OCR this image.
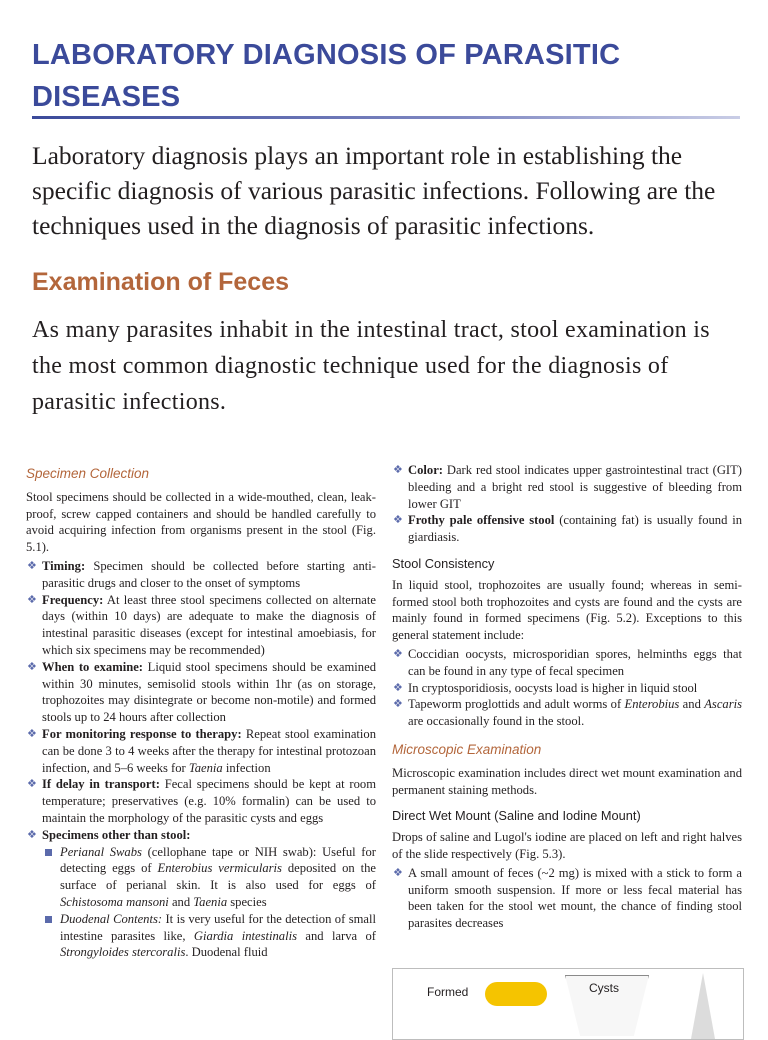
LABORATORY DIAGNOSIS OF PARASITIC DISEASES
Laboratory diagnosis plays an important role in establishing the specific diagnosis of various parasitic infections. Following are the techniques used in the diagnosis of parasitic infections.
Examination of Feces
As many parasites inhabit in the intestinal tract, stool examination is the most common diagnostic technique used for the diagnosis of parasitic infections.
Specimen Collection

Stool specimens should be collected in a wide-mouthed, clean, leak-proof, screw capped containers and should be handled carefully to avoid acquiring infection from organisms present in the stool (Fig. 5.1).

❖ Timing: Specimen should be collected before starting anti-parasitic drugs and closer to the onset of symptoms
❖ Frequency: At least three stool specimens collected on alternate days (within 10 days) are adequate to make the diagnosis of intestinal parasitic diseases (except for intestinal amoebiasis, for which six specimens may be recommended)
❖ When to examine: Liquid stool specimens should be examined within 30 minutes, semisolid stools within 1hr (as on storage, trophozoites may disintegrate or become non-motile) and formed stools up to 24 hours after collection
❖ For monitoring response to therapy: Repeat stool examination can be done 3 to 4 weeks after the therapy for intestinal protozoan infection, and 5–6 weeks for Taenia infection
❖ If delay in transport: Fecal specimens should be kept at room temperature; preservatives (e.g. 10% formalin) can be used to maintain the morphology of the parasitic cysts and eggs
❖ Specimens other than stool:
Perianal Swabs (cellophane tape or NIH swab): Useful for detecting eggs of Enterobius vermicularis deposited on the surface of perianal skin. It is also used for eggs of Schistosoma mansoni and Taenia species
Duodenal Contents: It is very useful for the detection of small intestine parasites like, Giardia intestinalis and larva of Strongyloides stercoralis. Duodenal fluid
❖ Color: Dark red stool indicates upper gastrointestinal tract (GIT) bleeding and a bright red stool is suggestive of bleeding from lower GIT
❖ Frothy pale offensive stool (containing fat) is usually found in giardiasis.
Stool Consistency

In liquid stool, trophozoites are usually found; whereas in semi-formed stool both trophozoites and cysts are found and the cysts are mainly found in formed specimens (Fig. 5.2). Exceptions to this general statement include:

❖ Coccidian oocysts, microsporidian spores, helminths eggs that can be found in any type of fecal specimen
❖ In cryptosporidiosis, oocysts load is higher in liquid stool
❖ Tapeworm proglottids and adult worms of Enterobius and Ascaris are occasionally found in the stool.
Microscopic Examination

Microscopic examination includes direct wet mount examination and permanent staining methods.

Direct Wet Mount (Saline and Iodine Mount)

Drops of saline and Lugol's iodine are placed on left and right halves of the slide respectively (Fig. 5.3).

❖ A small amount of feces (~2 mg) is mixed with a stick to form a uniform smooth suspension. If more or less fecal material has been taken for the stool wet mount, the chance of finding stool parasites decreases
Formed	Cysts
